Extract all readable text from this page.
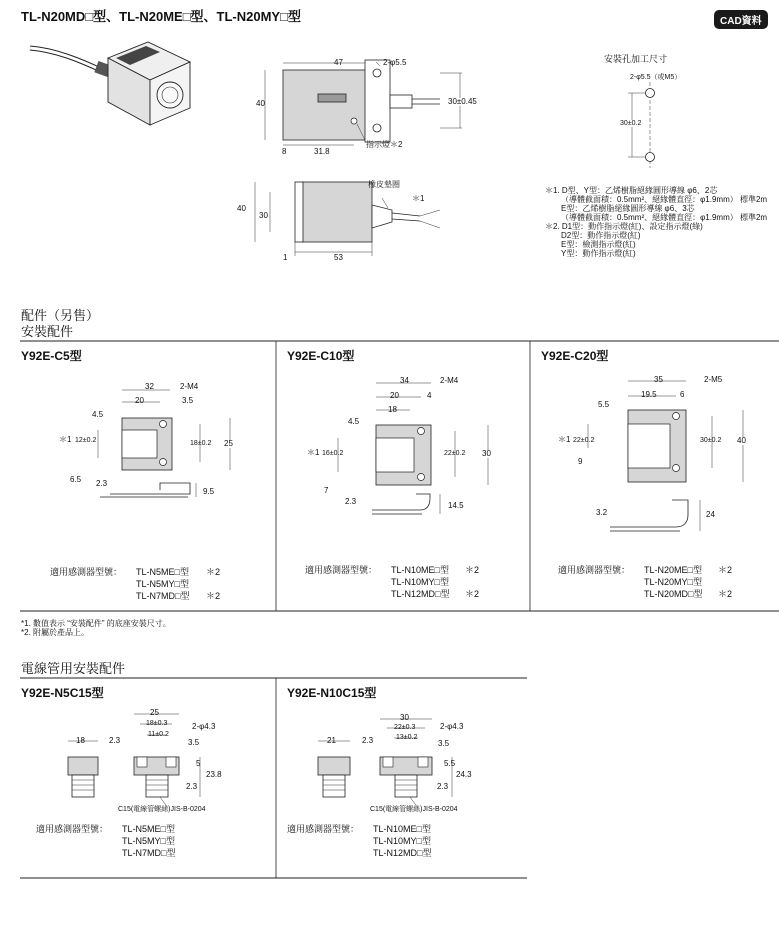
TL-N20MD□型、TL-N20ME□型、TL-N20MY□型	CAD資料
47	2-φ5.5
40	30±0.45
8	31.8
指示燈＊2
橡皮墊圈
＊1
40
30
1	53
安裝孔加工尺寸
2-φ5.5（或M5）
30±0.2
＊1. D型、Y型：乙烯樹脂絕緣圓形導線 φ6、2芯
（導體截面積：0.5mm²、絕緣體直徑：φ1.9mm） 標準2m
E型：乙烯樹脂絕緣圓形導線 φ6、3芯
（導體截面積：0.5mm²、絕緣體直徑：φ1.9mm） 標準2m
＊2. D1型：動作指示燈(紅)、設定指示燈(綠)
D2型：動作指示燈(紅)
E型：檢測指示燈(紅)
Y型：動作指示燈(紅)
配件（另售）
安裝配件
Y92E-C5型
32	2-M4
20	3.5
4.5
＊1 12±0.2	18±0.2 25
6.5 2.3
9.5
適用感測器型號： TL-N5ME□型 ＊2
TL-N5MY□型
TL-N7MD□型 ＊2
Y92E-C10型
34	2-M4
20	4
18
4.5
＊1 16±0.2	22±0.2 30
7
2.3	14.5
適用感測器型號： TL-N10ME□型 ＊2
TL-N10MY□型
TL-N12MD□型 ＊2
Y92E-C20型
35	2-M5
19.5	6
5.5
＊1 22±0.2	30±0.2 40
9
3.2	24
適用感測器型號： TL-N20ME□型 ＊2
TL-N20MY□型
TL-N20MD□型 ＊2
*1. 數值表示 “安裝配件” 的底座安裝尺寸。
*2. 附屬於產品上。
電線管用安裝配件
Y92E-N5C15型
25
18±0.3
11±0.2
2-φ4.3
18	2.3	3.5
5
23.8
2.3
C15(電線管螺絲)JIS-B-0204
適用感測器型號： TL-N5ME□型
TL-N5MY□型
TL-N7MD□型
Y92E-N10C15型
30
22±0.3
13±0.2
2-φ4.3
21	2.3	3.5
5.5
24.3
2.3
C15(電線管螺絲)JIS-B-0204
適用感測器型號： TL-N10ME□型
TL-N10MY□型
TL-N12MD□型
